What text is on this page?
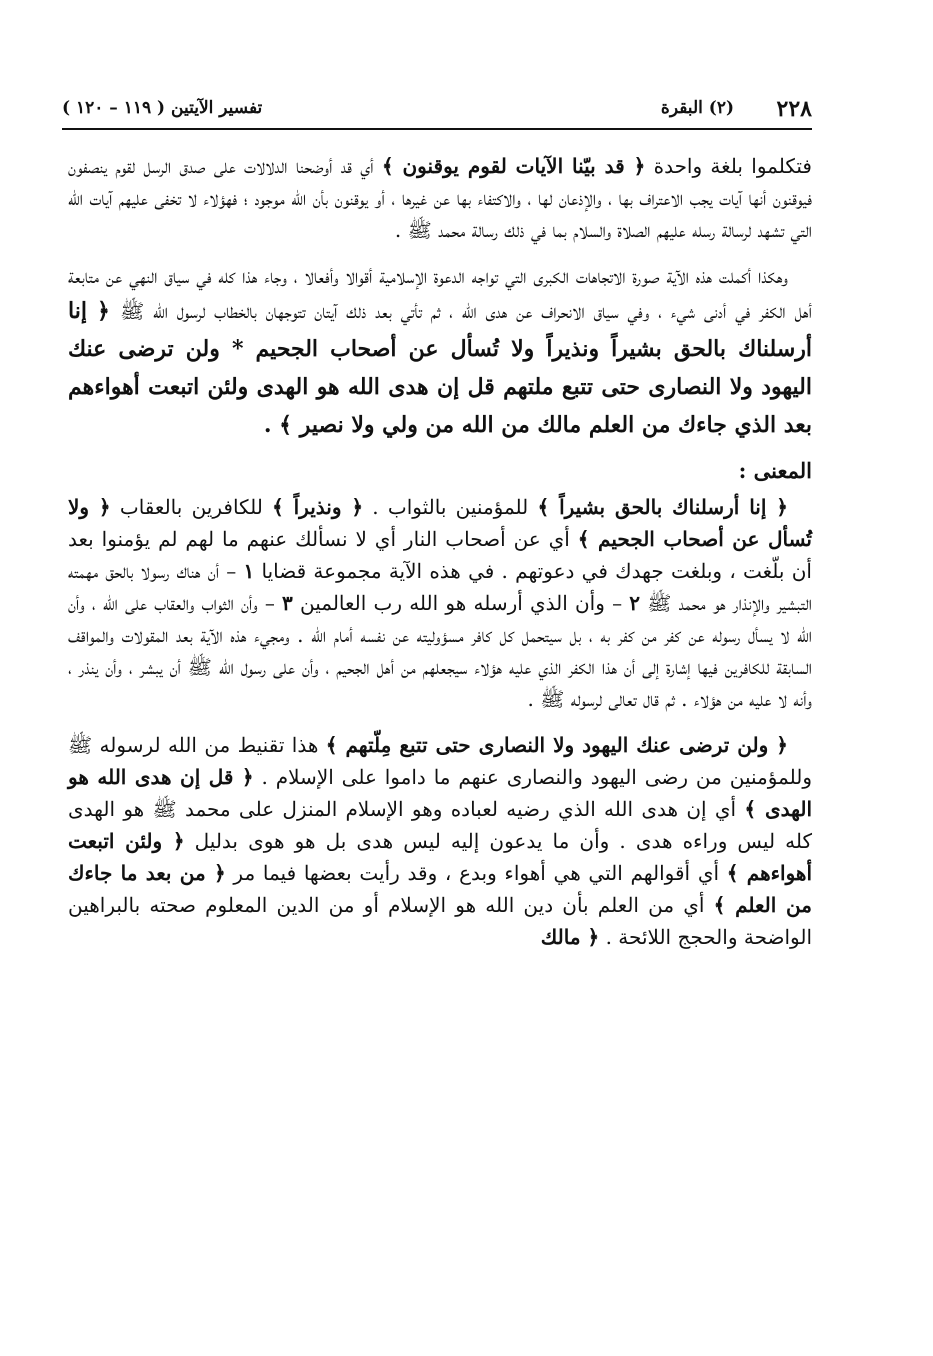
٢٢٨
(٢) البقرة
تفسير الآيتين ( ١١٩ – ١٢٠ )

فتكلموا بلغة واحدة ﴿ قد بيّنا الآيات لقوم يوقنون ﴾ أي قد أوضحنا الدلالات على صدق الرسل لقوم ينصفون فيوقنون أنها آيات يجب الاعتراف بها ، والإذعان لها ، والاكتفاء بها عن غيرها ، أو يوقنون بأن الله موجود ؛ فهؤلاء لا تخفى عليهم آيات الله التي تشهد لرسالة رسله عليهم الصلاة والسلام بما في ذلك رسالة محمد ﷺ .

وهكذا أكملت هذه الآية صورة الاتجاهات الكبرى التي تواجه الدعوة الإسلامية أقوالا وأفعالا ، وجاء هذا كله في سياق النهي عن متابعة أهل الكفر في أدنى شيء ، وفي سياق الانحراف عن هدى الله ، ثم تأتي بعد ذلك آيتان تتوجهان بالخطاب لرسول الله ﷺ ﴿ إنا أرسلناك بالحق بشيراً ونذيراً ولا تُسأل عن أصحاب الجحيم * ولن ترضى عنك اليهود ولا النصارى حتى تتبع ملتهم قل إن هدى الله هو الهدى ولئن اتبعت أهواءهم بعد الذي جاءك من العلم مالك من الله من ولي ولا نصير ﴾ .

المعنى :

﴿ إنا أرسلناك بالحق بشيراً ﴾ للمؤمنين بالثواب . ﴿ ونذيراً ﴾ للكافرين بالعقاب ﴿ ولا تُسأل عن أصحاب الجحيم ﴾ أي عن أصحاب النار أي لا نسألك عنهم ما لهم لم يؤمنوا بعد أن بلّغت ، وبلغت جهدك في دعوتهم . في هذه الآية مجموعة قضايا ١ – أن هناك رسولا بالحق مهمته التبشير والإنذار هو محمد ﷺ ٢ – وأن الذي أرسله هو الله رب العالمين ٣ – وأن الثواب والعقاب على الله ، وأن الله لا يسأل رسوله عن كفر من كفر به ، بل سيتحمل كل كافر مسؤوليته عن نفسه أمام الله . ومجيء هذه الآية بعد المقولات والمواقف السابقة للكافرين فيها إشارة إلى أن هذا الكفر الذي عليه هؤلاء سيجعلهم من أهل الجحيم ، وأن على رسول الله ﷺ أن يبشر ، وأن ينذر ، وأنه لا عليه من هؤلاء . ثم قال تعالى لرسوله ﷺ .

﴿ ولن ترضى عنك اليهود ولا النصارى حتى تتبع مِلّتهم ﴾ هذا تقنيط من الله لرسوله ﷺ وللمؤمنين من رضى اليهود والنصارى عنهم ما داموا على الإسلام . ﴿ قل إن هدى الله هو الهدى ﴾ أي إن هدى الله الذي رضيه لعباده وهو الإسلام المنزل على محمد ﷺ هو الهدى كله ليس وراءه هدى . وأن ما يدعون إليه ليس هدى بل هو هوى بدليل ﴿ ولئن اتبعت أهواءهم ﴾ أي أقوالهم التي هي أهواء وبدع ، وقد رأيت بعضها فيما مر ﴿ من بعد ما جاءك من العلم ﴾ أي من العلم بأن دين الله هو الإسلام أو من الدين المعلوم صحته بالبراهين الواضحة والحجج اللائحة . ﴿ مالك
